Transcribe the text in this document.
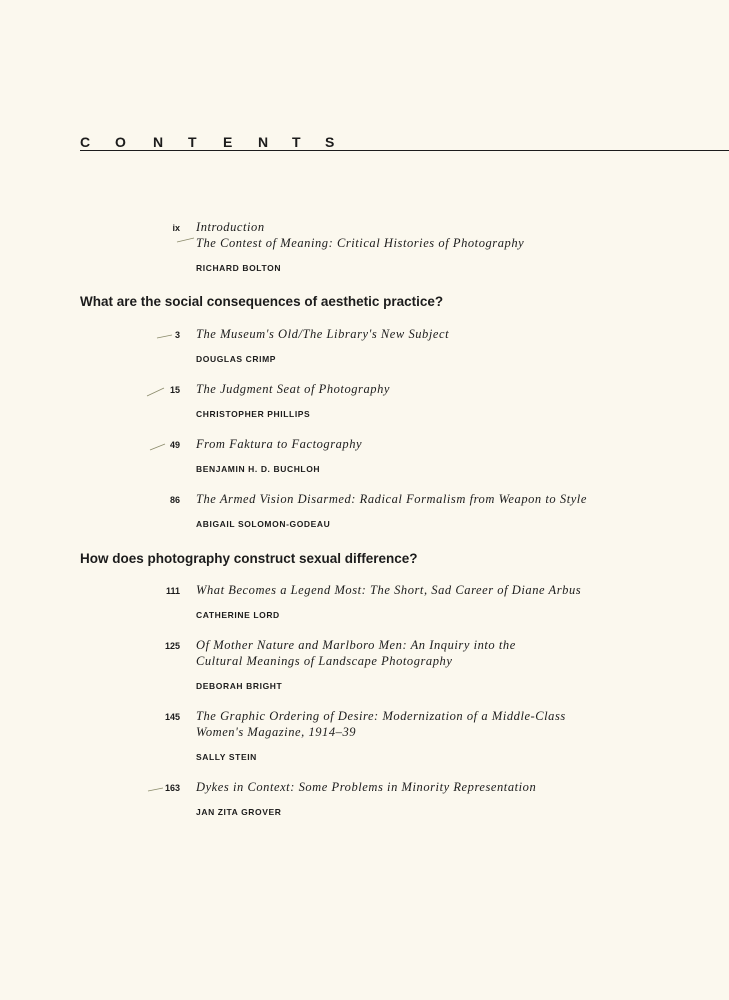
C O N T E N T S
ix Introduction
The Contest of Meaning: Critical Histories of Photography
RICHARD BOLTON
What are the social consequences of aesthetic practice?
3 The Museum's Old/The Library's New Subject
DOUGLAS CRIMP
15 The Judgment Seat of Photography
CHRISTOPHER PHILLIPS
49 From Faktura to Factography
BENJAMIN H. D. BUCHLOH
86 The Armed Vision Disarmed: Radical Formalism from Weapon to Style
ABIGAIL SOLOMON-GODEAU
How does photography construct sexual difference?
111 What Becomes a Legend Most: The Short, Sad Career of Diane Arbus
CATHERINE LORD
125 Of Mother Nature and Marlboro Men: An Inquiry into the
Cultural Meanings of Landscape Photography
DEBORAH BRIGHT
145 The Graphic Ordering of Desire: Modernization of a Middle-Class
Women's Magazine, 1914–39
SALLY STEIN
163 Dykes in Context: Some Problems in Minority Representation
JAN ZITA GROVER
